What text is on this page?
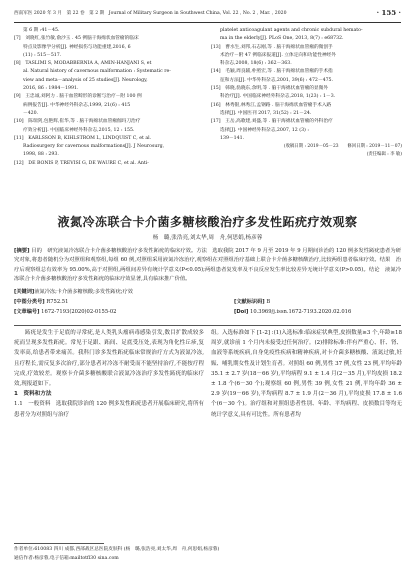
西南军医 2020 年 3 月　第 22 卷　第 2 期　Journal of Military Surgeon in Southwest China, Vol. 22 , No. 2 , Mar. , 2020	· 155 ·
第 6 期 :41－45.
[7]　刘晓红,张竹敏,俞沙玉 . 45 例脑干海绵状血管瘤的临床
特点及影像学分析[J]. 神经损伤与功能重建,2016, 6
(11) : 515－517.
[8]　TASLIMI S, MODABBERNIA A, AMIN-HANJANI S, et
al. Natural history of cavernous malformation : Systematic re-
view and meta－analysis of 25 studies[J]. Neurology,
2016, 86 : 1984－1991.
[9]　王忠诚,刘阿力 . 脑干血管畸形的诊断与治疗－附 100 例
病例报告[J]. 中华神经外科杂志,1999, 21(6) : 415
－420.
[10]　陈瑞剑,包艳辉,崔华,等 . 脑干海绵状血管瘤伽玛刀治疗
疗效分析[J]. 中国临床神经外科杂志,2015, 12 : 155.
[11]　KARLSSON B, KIHLSTRÖM L, LINDQUIST C, et al.
Radiosurgery for cavernous malformations[J]. J Neurosurg,
1998, 88 : 293.
[12]　DE BONIS P, TREVISI G, DE WAURE C, et al. Anti-
platelet anticoagulant agents and chronic subdural hemato-
ma in the elderly[J]. PLoS One, 2013, 8(7) : e68732.
[13]　曹水生,刘邦,石志刚,等 . 脑干海绵状血管瘤的微创手
术治疗－附 47 例临床报道[J]. 立体定向和功能性神经外
科杂志,2008, 18(6) : 362－363.
[14]　毛颖,周良辅,朴照宏,等 . 脑干海绵状血管瘤的手术指
征和方法[J]. 中华外科杂志,2001, 39(6) : 472－475.
[15]　韩晓,翁晓东,余明,等 . 脑干海绵状血管瘤的显微外
科治疗[J]. 中国临床神经外科杂志,2018, 1(23) : 1－3.
[16]　林秀银,林秀江,孟钢路 . 脑干海绵状血管瘤手术入路
选择[J]. 中国医刊 2017, 31(52) : 21－24.
[17]　王岳,高歌建,刘盛,等 . 脑干海绵状血管瘤的外科治疗
选择[J]. 中国神经外科杂志,2007, 12 (3) :
139－141.
(收稿日期 : 2019－05－23　　修回日期 : 2019－11－07)
(责任编辑 : 李 敏)
液氮冷冻联合卡介菌多糖核酸治疗多发性跖疣疗效观察
杨　璐,张浩亮,刘太华,周　舟,何思娟,杨彦蓉
[摘要] 目的　研究液氮冷冻联合卡介菌多糖核酸治疗多发性跖疣的临床疗效。方法　选取我院 2017 年 9 月至 2019 年 9 月期间诊治的 120 例多发性跖疣患者为研究对象,将患者随机分为对照组和观察组,每组 60 例,对照组采用液氮冷冻治疗,观察组在对照组治疗基础上联合卡介菌多糖核酸治疗,比较两组患者临床疗效。结果　治疗后观察组总有效率为 95.00%,高于对照组,两组间差异有统计学意义(P<0.05);两组患者复发率及不良反应发生率比较差异无统计学意义(P>0.05)。结论　液氮冷冻联合卡介菌多糖核酸治疗多发性跖疣的临床疗效显著,具有临床推广价值。
[关键词] 液氮冷冻;卡介菌多糖核酸;多发性跖疣;疗效
[中图分类号] R752.51	[文献标识码] B
[文章编号] 1672-7193(2020)02-0155-02	[Doi] 10.3969/j.issn.1672-7193.2020.02.016

跖疣是发生于足底的寻常疣,是人类乳头瘤病毒感染引发,数目扩散成较多疣而呈现多发性跖疣。常见于足跟、跖间、足底受压处,表现为角化性丘疹,复发率高,给患者带来痛苦。我科门诊多发性跖疣临床常规治疗方式为液氮冷冻,且疗程长,需反复多次治疗,部分患者对冷冻不耐受而不能坚持治疗,不能按疗程完成,疗效较差。观察卡介菌多糖核酸联合液氮冷冻治疗多发性跖疣的临床疗效,现报道如下。

1　资料和方法

1.1　一般资料　 选取我院诊治的 120 例多发性跖疣患者开展临床研究,将所有患者分为对照组与治疗

组。入选标准如下 [1-2] :(1)入选标准:临床症状典型,皮损数量≥3 个,年龄≥18 周岁,就诊前 1 个月内未接受过任何治疗。(2)排除标准:伴有严重心、肝、肾、血液等系统疾病,自身免疫性疾病和精神疾病,对卡介菌多糖核酸、液氮过敏,妊娠、哺乳期女性及计划生育者。对照组 60 例,男性 37 例,女性 23 例,平均年龄 35.1 ± 2.7 岁(18－66 岁),平均病程 9.1 ± 1.4 月(2－35 月),平均皮损 18.2 ± 1.8 个(6－30 个);观察组 60 例,男性 39 例,女性 21 例,平均年龄 36 ± 2.9 岁(19－66 岁),平均病程 8.7 ± 1.9 月(2－36 月),平均皮损 17.8 ± 1.6 个(6－30 个)。治疗组和对照组患者性别、年龄、平均病程、皮损数目等均无统计学意义,具有可比性。所有患者均

作者单位:610083 四川 成都,西部战区总医院皮肤科 (杨　璐,张浩亮,刘太华,周　舟,何思娟,杨彦蓉)
通信作者:杨彦蓉,电子信箱:mailtotfl30 sina.com
